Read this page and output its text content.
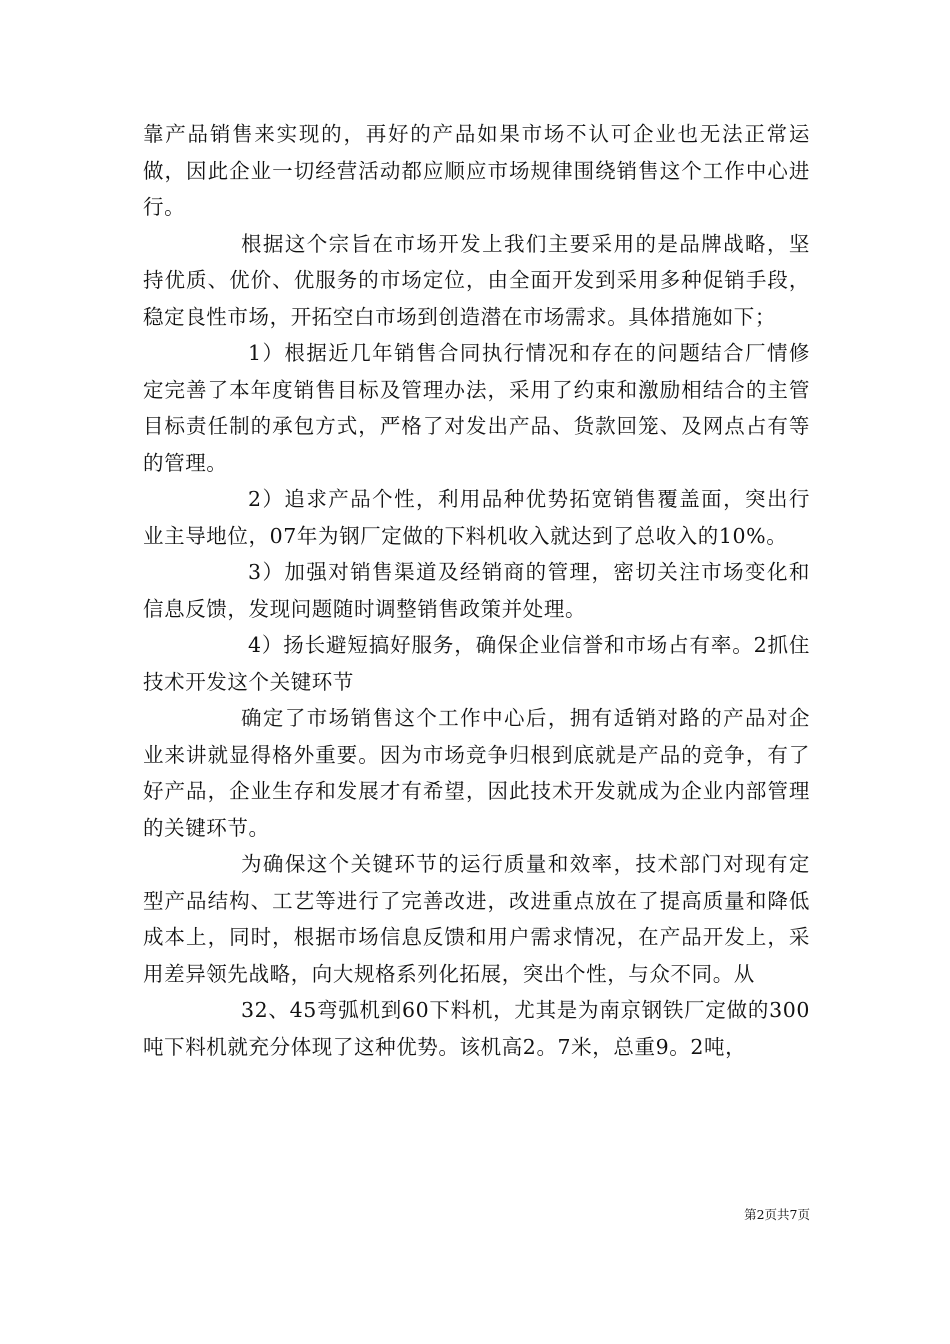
靠产品销售来实现的，再好的产品如果市场不认可企业也无法正常运做，因此企业一切经营活动都应顺应市场规律围绕销售这个工作中心进行。

根据这个宗旨在市场开发上我们主要采用的是品牌战略，坚持优质、优价、优服务的市场定位，由全面开发到采用多种促销手段，稳定良性市场，开拓空白市场到创造潜在市场需求。具体措施如下；

1）根据近几年销售合同执行情况和存在的问题结合厂情修定完善了本年度销售目标及管理办法，采用了约束和激励相结合的主管目标责任制的承包方式，严格了对发出产品、货款回笼、及网点占有等的管理。

2）追求产品个性，利用品种优势拓宽销售覆盖面，突出行业主导地位，07年为钢厂定做的下料机收入就达到了总收入的10%。

3）加强对销售渠道及经销商的管理，密切关注市场变化和信息反馈，发现问题随时调整销售政策并处理。

4）扬长避短搞好服务，确保企业信誉和市场占有率。2抓住技术开发这个关键环节

确定了市场销售这个工作中心后，拥有适销对路的产品对企业来讲就显得格外重要。因为市场竞争归根到底就是产品的竞争，有了好产品，企业生存和发展才有希望，因此技术开发就成为企业内部管理的关键环节。

为确保这个关键环节的运行质量和效率，技术部门对现有定型产品结构、工艺等进行了完善改进，改进重点放在了提高质量和降低成本上，同时，根据市场信息反馈和用户需求情况，在产品开发上，采用差异领先战略，向大规格系列化拓展，突出个性，与众不同。从

32、45弯弧机到60下料机，尤其是为南京钢铁厂定做的300吨下料机就充分体现了这种优势。该机高2。7米，总重9。2吨，

第2页共7页
